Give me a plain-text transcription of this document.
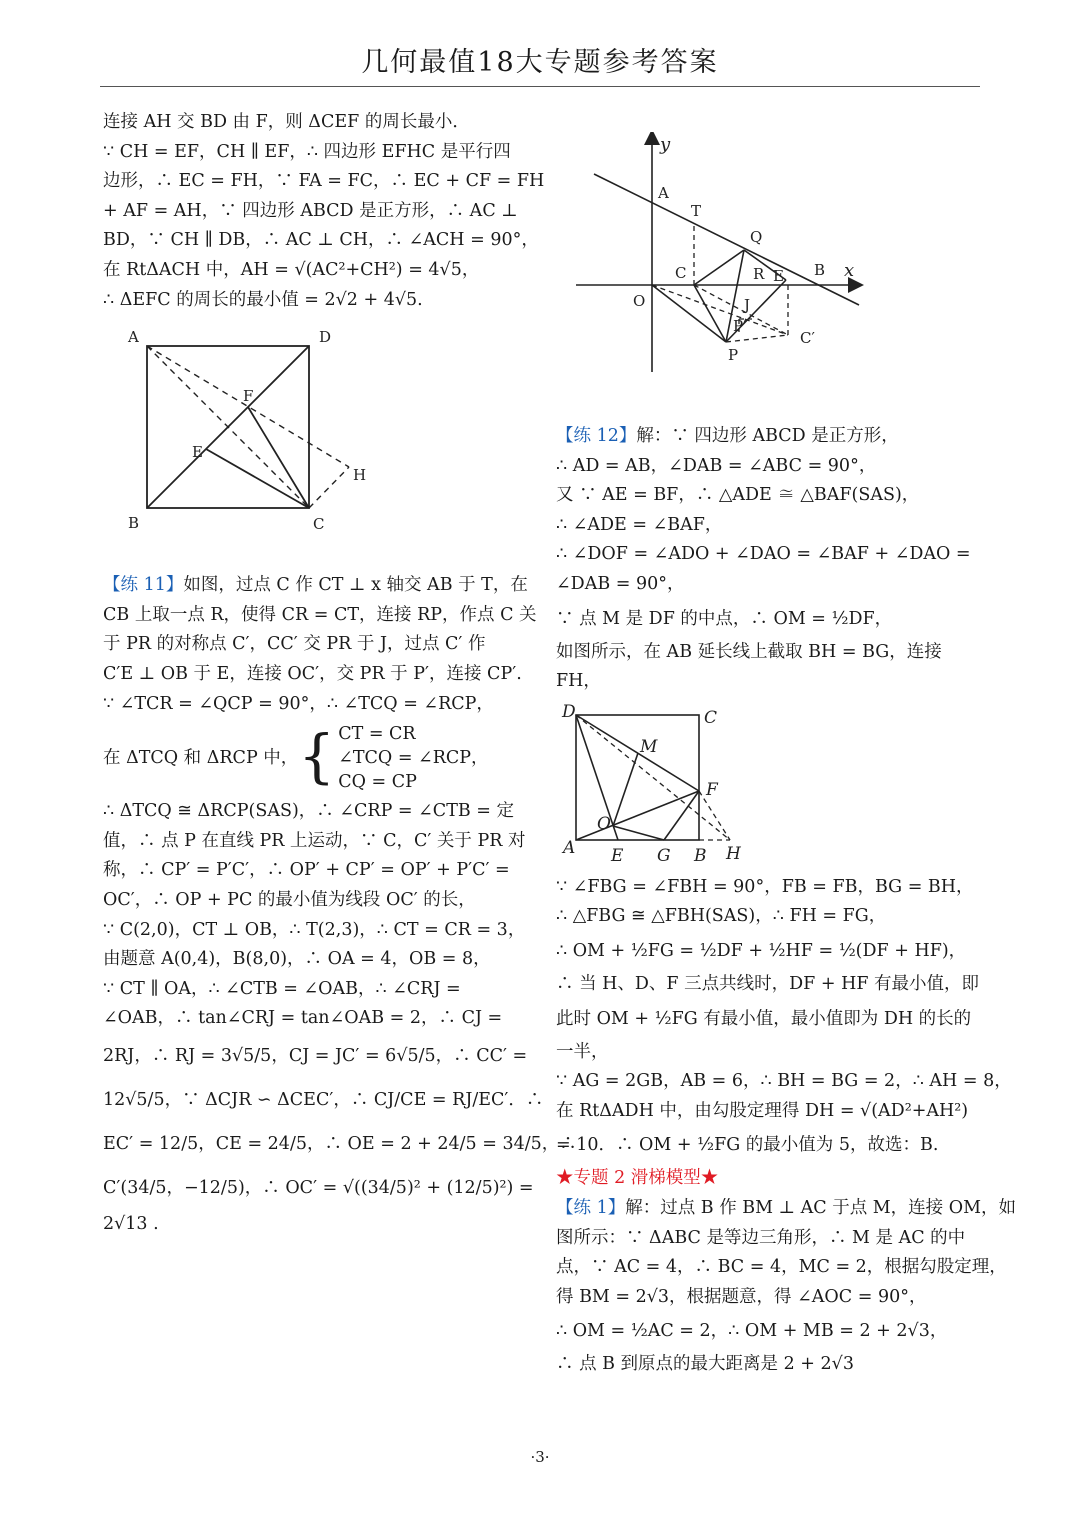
几何最值18大专题参考答案
连接 AH 交 BD 由 F，则 ΔCEF 的周长最小．
∵ CH = EF，CH ∥ EF，∴ 四边形 EFHC 是平行四
边形，∴ EC = FH，∵ FA = FC，∴ EC + CF = FH
+ AF = AH，∵ 四边形 ABCD 是正方形，∴ AC ⊥
BD，∵ CH ∥ DB，∴ AC ⊥ CH，∴ ∠ACH = 90°，
在 RtΔACH 中，AH = √(AC²+CH²) = 4√5，
∴ ΔEFC 的周长的最小值 = 2√2 + 4√5.
A	D
B	C
F
E
H
【练 11】如图，过点 C 作 CT ⊥ x 轴交 AB 于 T，在
CB 上取一点 R，使得 CR = CT，连接 RP，作点 C 关
于 PR 的对称点 C′，CC′ 交 PR 于 J，过点 C′ 作
C′E ⊥ OB 于 E，连接 OC′，交 PR 于 P′，连接 CP′.
∵ ∠TCR = ∠QCP = 90°，∴ ∠TCQ = ∠RCP，
在 ΔTCQ 和 ΔRCP 中， { CT = CR
∠TCQ = ∠RCP，
CQ = CP
∴ ΔTCQ ≅ ΔRCP(SAS)，∴ ∠CRP = ∠CTB = 定
值，∴ 点 P 在直线 PR 上运动，∵ C，C′ 关于 PR 对
称，∴ CP′ = P′C′，∴ OP′ + CP′ = OP′ + P′C′ =
OC′，∴ OP + PC 的最小值为线段 OC′ 的长，
∵ C(2,0)，CT ⊥ OB，∴ T(2,3)，∴ CT = CR = 3，
由题意 A(0,4)，B(8,0)，∴ OA = 4，OB = 8，
∵ CT ∥ OA，∴ ∠CTB = ∠OAB，∴ ∠CRJ =
∠OAB，∴ tan∠CRJ = tan∠OAB = 2，∴ CJ =
2RJ，∴ RJ = 3√5/5，CJ = JC′ = 6√5/5，∴ CC′ =
12√5/5，∵ ΔCJR ∽ ΔCEC′，∴ CJ/CE = RJ/EC′．∴
EC′ = 12/5，CE = 24/5，∴ OE = 2 + 24/5 = 34/5，∴
C′(34/5，−12/5)，∴ OC′ = √((34/5)² + (12/5)²) =
2√13 .
y
x
A
T
Q
C	R E B
O	J
P′
C′
P
【练 12】解：∵ 四边形 ABCD 是正方形，
∴ AD = AB，∠DAB = ∠ABC = 90°，
又 ∵ AE = BF，∴ △ADE ≅ △BAF(SAS)，
∴ ∠ADE = ∠BAF，
∴ ∠DOF = ∠ADO + ∠DAO = ∠BAF + ∠DAO =
∠DAB = 90°，
∵ 点 M 是 DF 的中点，∴ OM = ½DF，
如图所示，在 AB 延长线上截取 BH = BG，连接
FH，
D	C
M
F
O
A E G B H
∵ ∠FBG = ∠FBH = 90°，FB = FB，BG = BH，
∴ △FBG ≅ △FBH(SAS)，∴ FH = FG，
∴ OM + ½FG = ½DF + ½HF = ½(DF + HF)，
∴ 当 H、D、F 三点共线时，DF + HF 有最小值，即
此时 OM + ½FG 有最小值，最小值即为 DH 的长的
一半，
∵ AG = 2GB，AB = 6，∴ BH = BG = 2，∴ AH = 8，
在 RtΔADH 中，由勾股定理得 DH = √(AD²+AH²)
= 10．∴ OM + ½FG 的最小值为 5，故选：B.
★专题 2 滑梯模型★
【练 1】解：过点 B 作 BM ⊥ AC 于点 M，连接 OM，如
图所示：∵ ΔABC 是等边三角形，∴ M 是 AC 的中
点，∵ AC = 4，∴ BC = 4，MC = 2，根据勾股定理，
得 BM = 2√3，根据题意，得 ∠AOC = 90°，
∴ OM = ½AC = 2，∴ OM + MB = 2 + 2√3，
∴ 点 B 到原点的最大距离是 2 + 2√3
·3·
